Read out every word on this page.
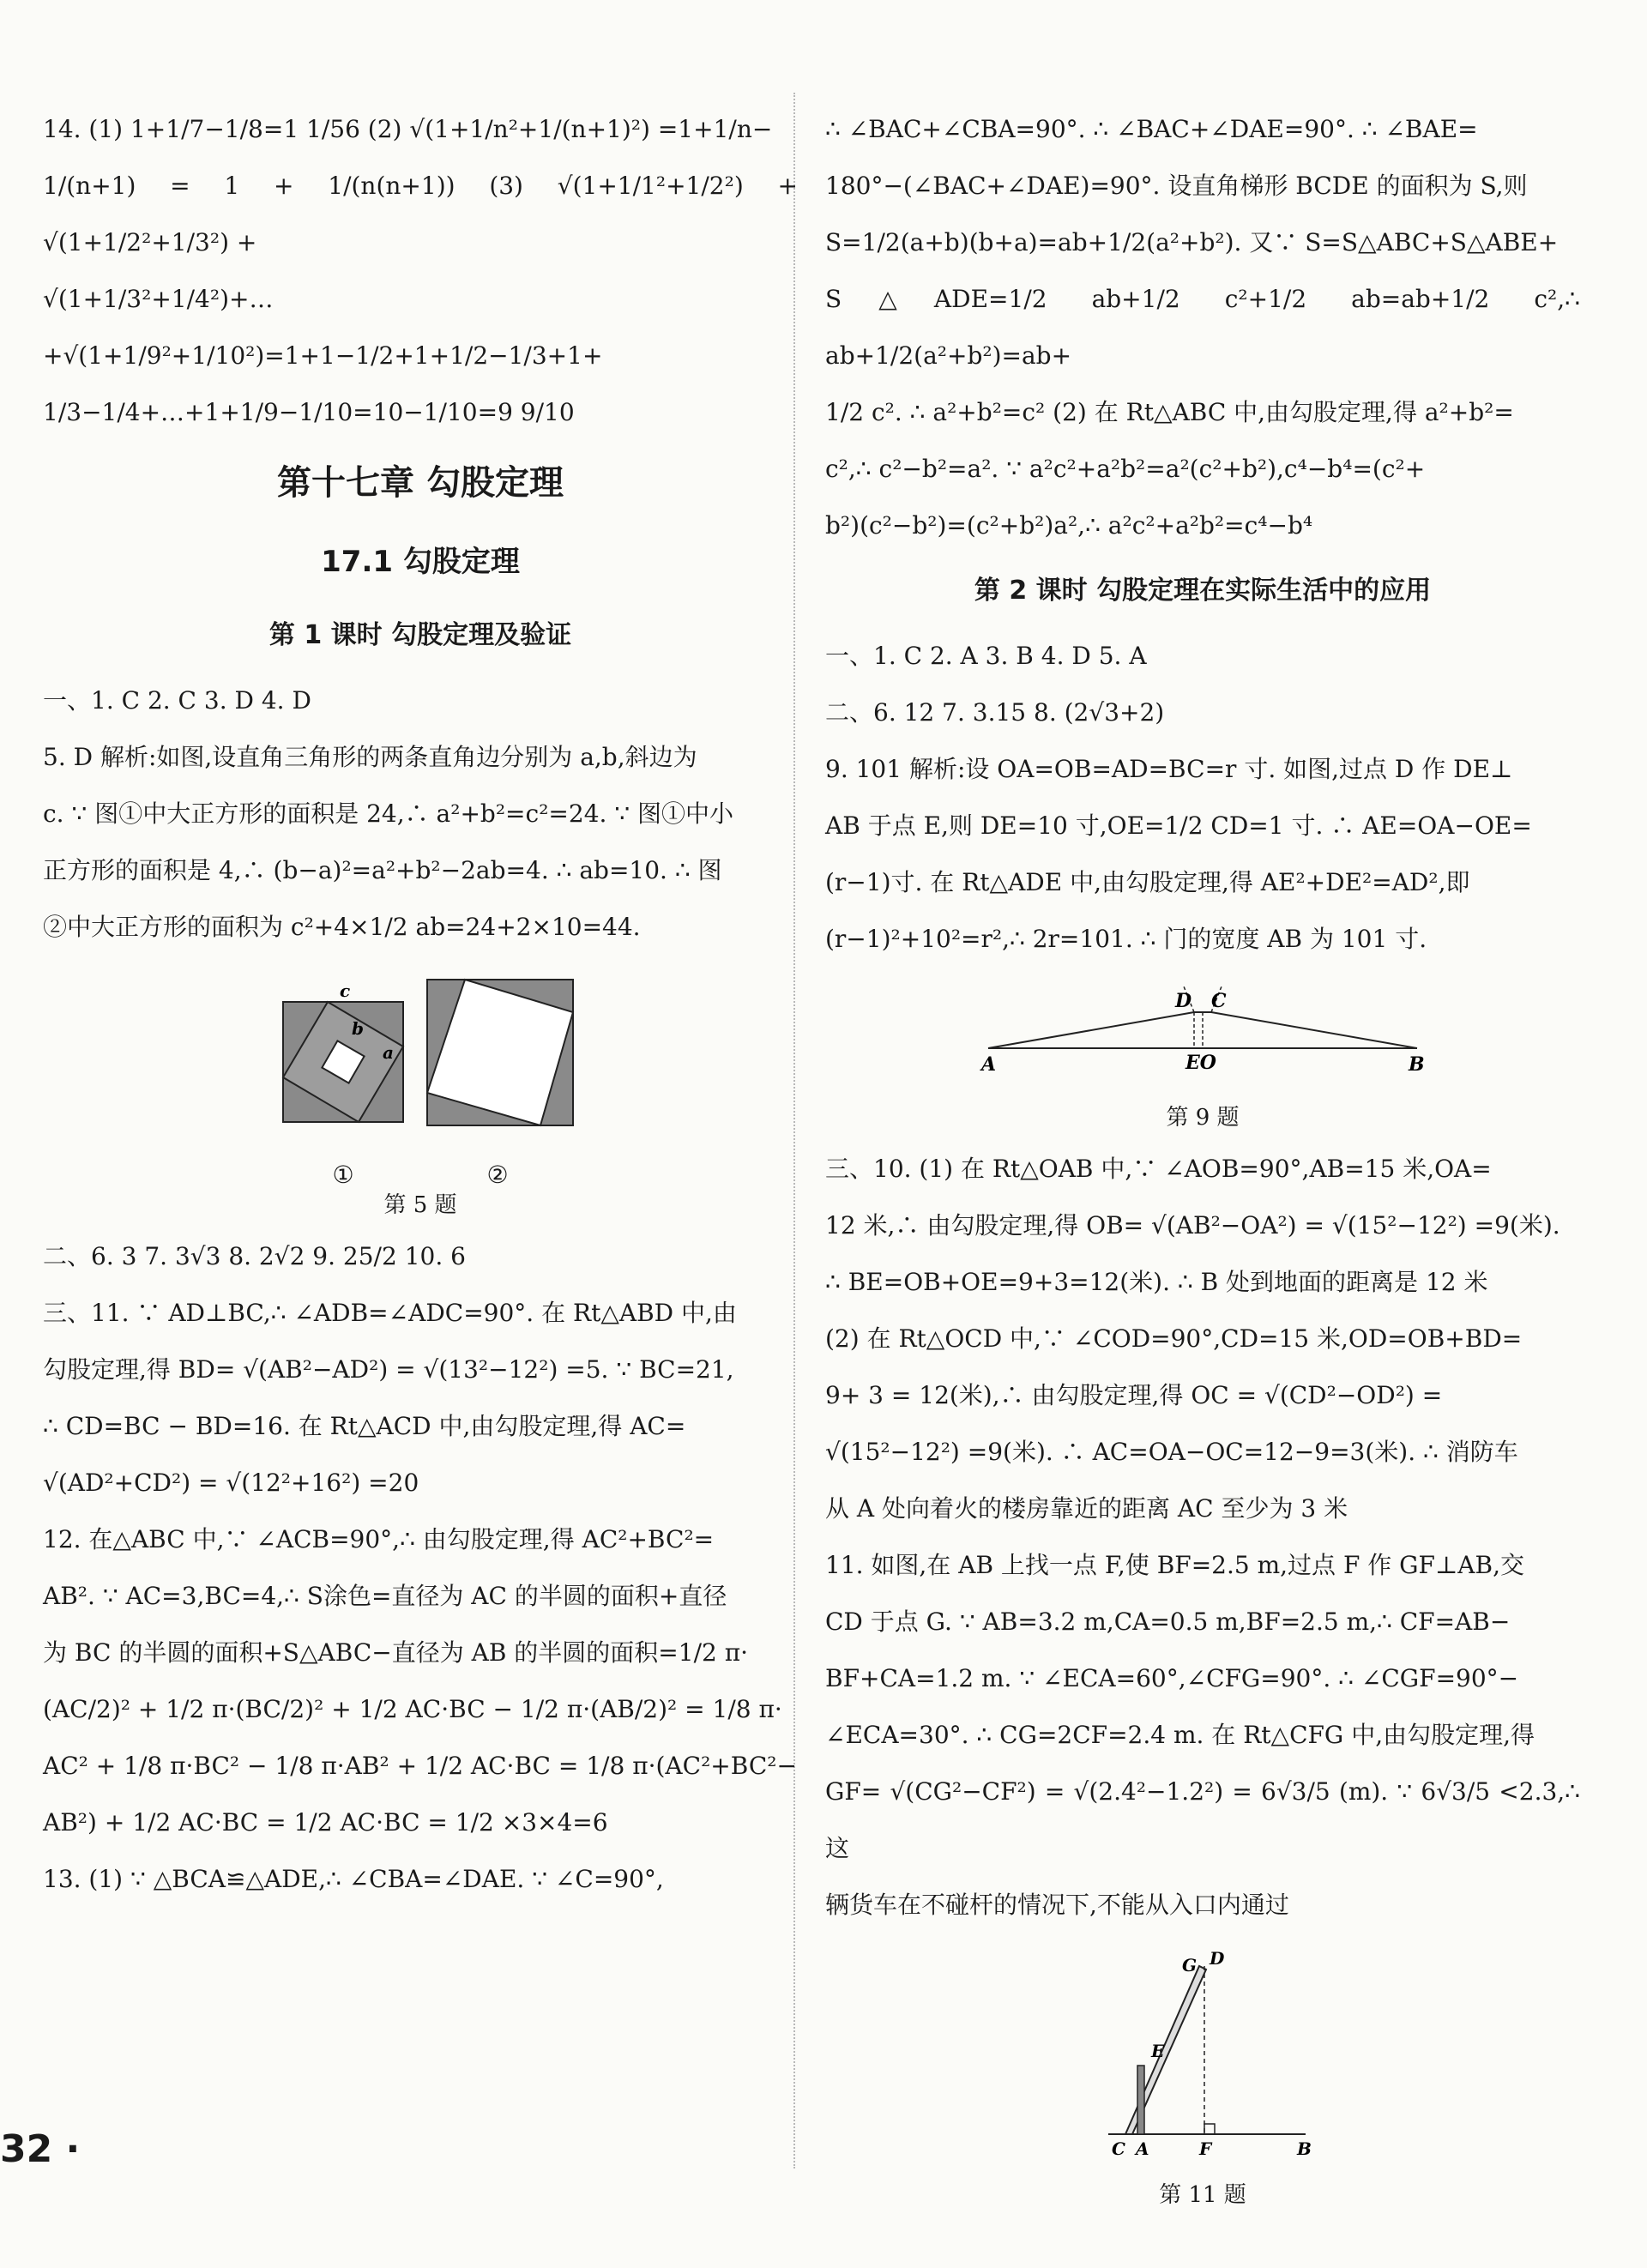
14. (1) 1+1/7−1/8=1 1/56 (2) √(1+1/n²+1/(n+1)²) =1+1/n−

1/(n+1) = 1 + 1/(n(n+1)) (3) √(1+1/1²+1/2²) + √(1+1/2²+1/3²) +

√(1+1/3²+1/4²)+…+√(1+1/9²+1/10²)=1+1−1/2+1+1/2−1/3+1+

1/3−1/4+…+1+1/9−1/10=10−1/10=9 9/10

第十七章 勾股定理
17.1 勾股定理
第 1 课时 勾股定理及验证

一、1. C 2. C 3. D 4. D

5. D 解析:如图,设直角三角形的两条直角边分别为 a,b,斜边为

c. ∵ 图①中大正方形的面积是 24,∴ a²+b²=c²=24. ∵ 图①中小

正方形的面积是 4,∴ (b−a)²=a²+b²−2ab=4. ∴ ab=10. ∴ 图

②中大正方形的面积为 c²+4×1/2 ab=24+2×10=44.

c
b
a
①	②
第 5 题

二、6. 3 7. 3√3 8. 2√2 9. 25/2 10. 6

三、11. ∵ AD⊥BC,∴ ∠ADB=∠ADC=90°. 在 Rt△ABD 中,由

勾股定理,得 BD= √(AB²−AD²) = √(13²−12²) =5. ∵ BC=21,

∴ CD=BC − BD=16. 在 Rt△ACD 中,由勾股定理,得 AC=

√(AD²+CD²) = √(12²+16²) =20

12. 在△ABC 中,∵ ∠ACB=90°,∴ 由勾股定理,得 AC²+BC²=

AB². ∵ AC=3,BC=4,∴ S涂色=直径为 AC 的半圆的面积+直径

为 BC 的半圆的面积+S△ABC−直径为 AB 的半圆的面积=1/2 π·

(AC/2)² + 1/2 π·(BC/2)² + 1/2 AC·BC − 1/2 π·(AB/2)² = 1/8 π·

AC² + 1/8 π·BC² − 1/8 π·AB² + 1/2 AC·BC = 1/8 π·(AC²+BC²−

AB²) + 1/2 AC·BC = 1/2 AC·BC = 1/2 ×3×4=6

13. (1) ∵ △BCA≌△ADE,∴ ∠CBA=∠DAE. ∵ ∠C=90°,

∴ ∠BAC+∠CBA=90°. ∴ ∠BAC+∠DAE=90°. ∴ ∠BAE=

180°−(∠BAC+∠DAE)=90°. 设直角梯形 BCDE 的面积为 S,则

S=1/2(a+b)(b+a)=ab+1/2(a²+b²). 又∵ S=S△ABC+S△ABE+

S△ADE=1/2 ab+1/2 c²+1/2 ab=ab+1/2 c²,∴ ab+1/2(a²+b²)=ab+

1/2 c². ∴ a²+b²=c² (2) 在 Rt△ABC 中,由勾股定理,得 a²+b²=

c²,∴ c²−b²=a². ∵ a²c²+a²b²=a²(c²+b²),c⁴−b⁴=(c²+

b²)(c²−b²)=(c²+b²)a²,∴ a²c²+a²b²=c⁴−b⁴

第 2 课时 勾股定理在实际生活中的应用

一、1. C 2. A 3. B 4. D 5. A

二、6. 12 7. 3.15 8. (2√3+2)

9. 101 解析:设 OA=OB=AD=BC=r 寸. 如图,过点 D 作 DE⊥

AB 于点 E,则 DE=10 寸,OE=1/2 CD=1 寸. ∴ AE=OA−OE=

(r−1)寸. 在 Rt△ADE 中,由勾股定理,得 AE²+DE²=AD²,即

(r−1)²+10²=r²,∴ 2r=101. ∴ 门的宽度 AB 为 101 寸.

A	B
D C
EO
第 9 题

三、10. (1) 在 Rt△OAB 中,∵ ∠AOB=90°,AB=15 米,OA=

12 米,∴ 由勾股定理,得 OB= √(AB²−OA²) = √(15²−12²) =9(米).

∴ BE=OB+OE=9+3=12(米). ∴ B 处到地面的距离是 12 米

(2) 在 Rt△OCD 中,∵ ∠COD=90°,CD=15 米,OD=OB+BD=

9+ 3 = 12(米),∴ 由勾股定理,得 OC = √(CD²−OD²) =

√(15²−12²) =9(米). ∴ AC=OA−OC=12−9=3(米). ∴ 消防车

从 A 处向着火的楼房靠近的距离 AC 至少为 3 米

11. 如图,在 AB 上找一点 F,使 BF=2.5 m,过点 F 作 GF⊥AB,交

CD 于点 G. ∵ AB=3.2 m,CA=0.5 m,BF=2.5 m,∴ CF=AB−

BF+CA=1.2 m. ∵ ∠ECA=60°,∠CFG=90°. ∴ ∠CGF=90°−

∠ECA=30°. ∴ CG=2CF=2.4 m. 在 Rt△CFG 中,由勾股定理,得

GF= √(CG²−CF²) = √(2.4²−1.2²) = 6√3/5 (m). ∵ 6√3/5 <2.3,∴ 这

辆货车在不碰杆的情况下,不能从入口内通过

G D
E
C A	F	B
第 11 题
32 ·
